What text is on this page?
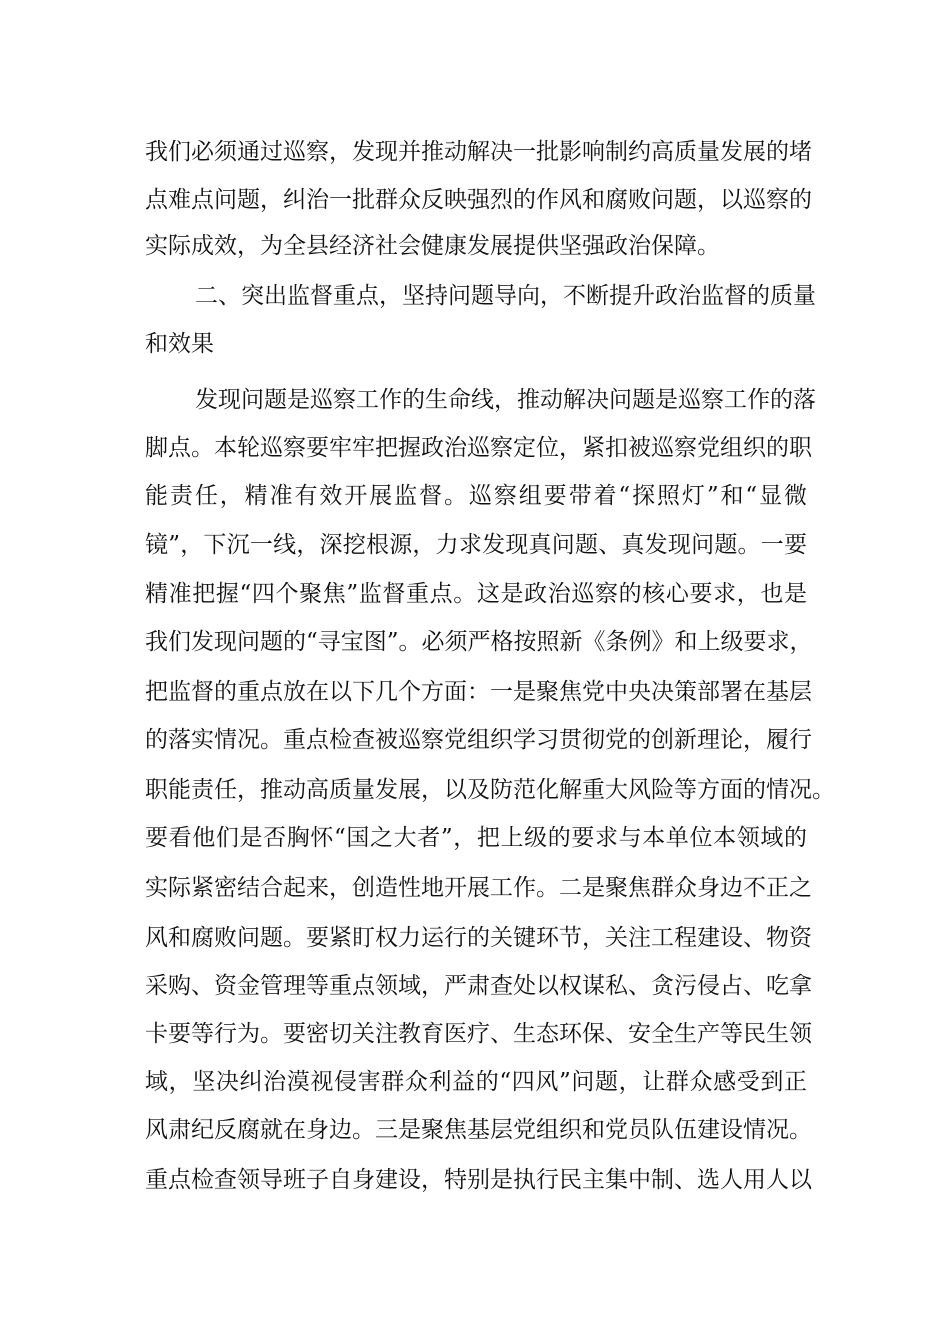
我们必须通过巡察，发现并推动解决一批影响制约高质量发展的堵
点难点问题，纠治一批群众反映强烈的作风和腐败问题，以巡察的
实际成效，为全县经济社会健康发展提供坚强政治保障。
二、突出监督重点，坚持问题导向，不断提升政治监督的质量
和效果
发现问题是巡察工作的生命线，推动解决问题是巡察工作的落
脚点。本轮巡察要牢牢把握政治巡察定位，紧扣被巡察党组织的职
能责任，精准有效开展监督。巡察组要带着“探照灯”和“显微
镜”，下沉一线，深挖根源，力求发现真问题、真发现问题。一要
精准把握“四个聚焦”监督重点。这是政治巡察的核心要求，也是
我们发现问题的“寻宝图”。必须严格按照新《条例》和上级要求，
把监督的重点放在以下几个方面：一是聚焦党中央决策部署在基层
的落实情况。重点检查被巡察党组织学习贯彻党的创新理论，履行
职能责任，推动高质量发展，以及防范化解重大风险等方面的情况。
要看他们是否胸怀“国之大者”，把上级的要求与本单位本领域的
实际紧密结合起来，创造性地开展工作。二是聚焦群众身边不正之
风和腐败问题。要紧盯权力运行的关键环节，关注工程建设、物资
采购、资金管理等重点领域，严肃查处以权谋私、贪污侵占、吃拿
卡要等行为。要密切关注教育医疗、生态环保、安全生产等民生领
域，坚决纠治漠视侵害群众利益的“四风”问题，让群众感受到正
风肃纪反腐就在身边。三是聚焦基层党组织和党员队伍建设情况。
重点检查领导班子自身建设，特别是执行民主集中制、选人用人以
